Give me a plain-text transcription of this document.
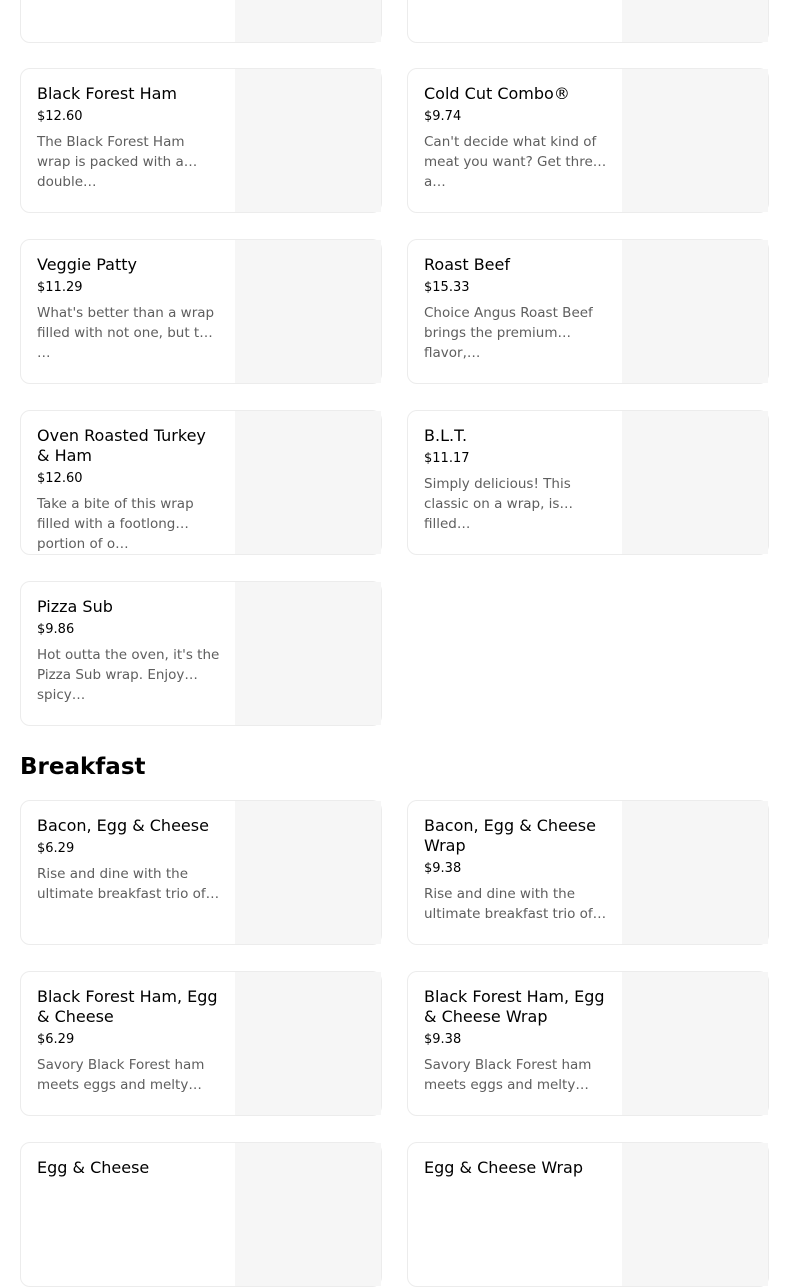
Black Forest Ham
$12.60
The Black Forest Ham wrap is packed with a double…
Cold Cut Combo®
$9.74
Can't decide what kind of meat you want? Get three a…
Veggie Patty
$11.29
What's better than a wrap filled with not one, but two …
Roast Beef
$15.33
Choice Angus Roast Beef brings the premium flavor,…
Oven Roasted Turkey & Ham
$12.60
Take a bite of this wrap filled with a footlong portion of o…
B.L.T.
$11.17
Simply delicious! This classic on a wrap, is filled…
Pizza Sub
$9.86
Hot outta the oven, it's the Pizza Sub wrap. Enjoy spicy…
Breakfast
Bacon, Egg & Cheese
$6.29
Rise and dine with the ultimate breakfast trio of…
Bacon, Egg & Cheese Wrap
$9.38
Rise and dine with the ultimate breakfast trio of…
Black Forest Ham, Egg & Cheese
$6.29
Savory Black Forest ham meets eggs and melty…
Black Forest Ham, Egg & Cheese Wrap
$9.38
Savory Black Forest ham meets eggs and melty…
Egg & Cheese	Egg & Cheese Wrap
